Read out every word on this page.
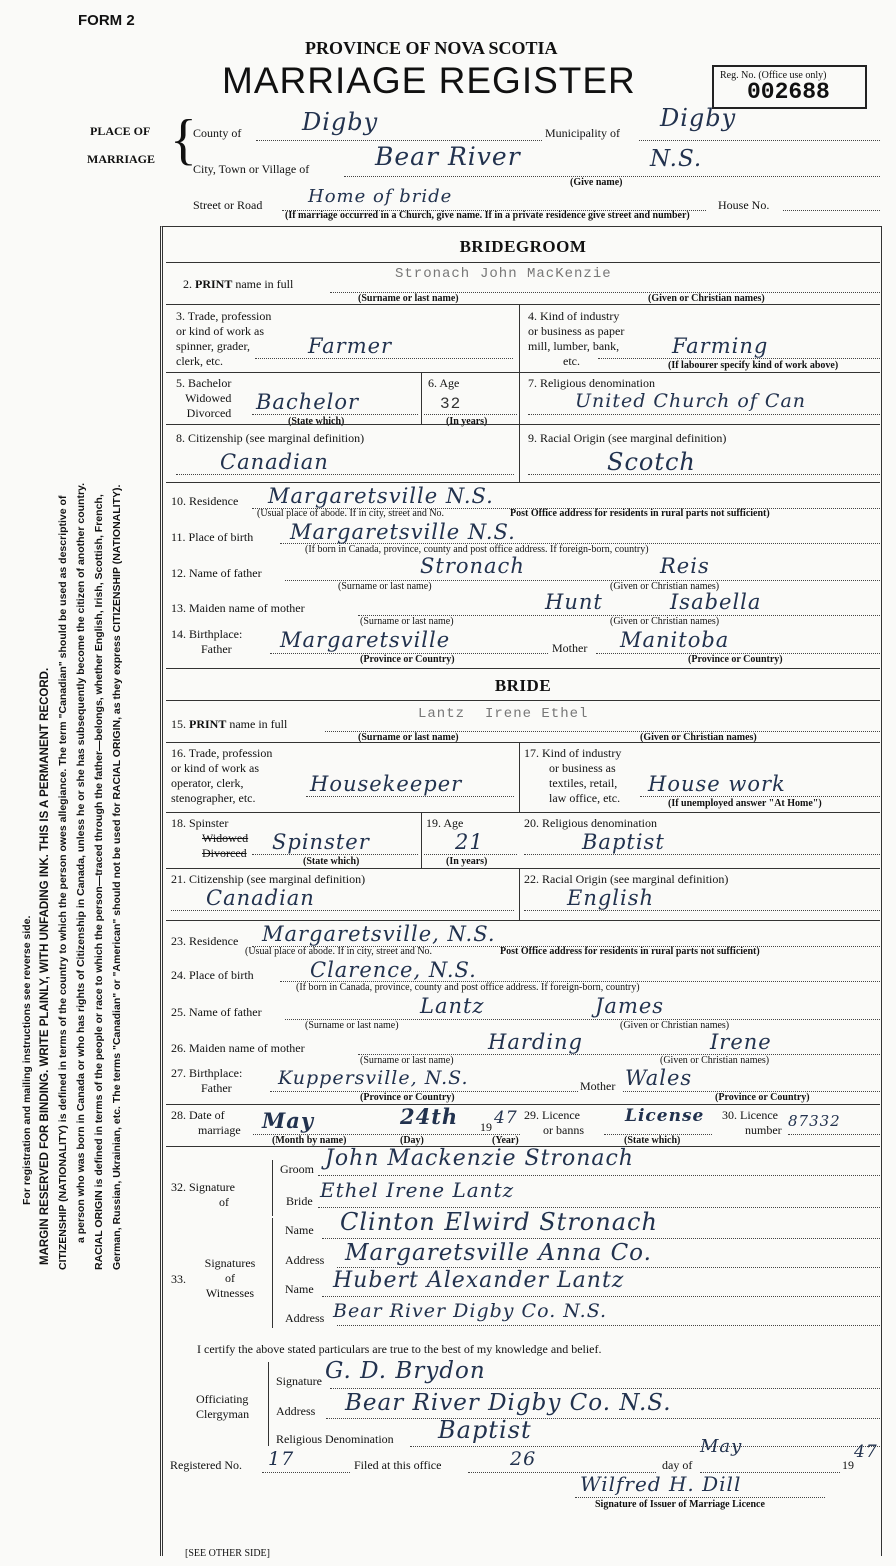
FORM 2
PROVINCE OF NOVA SCOTIA
MARRIAGE REGISTER	Reg. No. (Office use only)
002688
PLACE OF
MARRIAGE {
County of	Digby	Municipality of
Digby
City, Town or Village of	Bear River	N.S.
(Give name)
Street or Road	Home of bride	House No.
(If marriage occurred in a Church, give name. If in a private residence give street and number)
BRIDEGROOM
2. PRINT name in full
Stronach John MacKenzie
(Surname or last name)	(Given or Christian names)
3. Trade, profession
or kind of work as
spinner, grader,
clerk, etc.
Farmer
4. Kind of industry
or business as paper
mill, lumber, bank,
etc.
Farming
(If labourer specify kind of work above)
5. Bachelor
Widowed
Divorced Bachelor
(State which)
6. Age
32
(In years)
7. Religious denomination
United Church of Can
8. Citizenship (see marginal definition)
Canadian
9. Racial Origin (see marginal definition)
Scotch
10. Residence Margaretsville N.S.
(Usual place of abode. If in city, street and No.	Post Office address for residents in rural parts not sufficient)
11. Place of birth Margaretsville N.S.
(If born in Canada, province, county and post office address. If foreign-born, country)
12. Name of father	Stronach	Reis
(Surname or last name)	(Given or Christian names)
13. Maiden name of mother	Hunt	Isabella
(Surname or last name)	(Given or Christian names)
14. Birthplace:
Father	Margaretsville
(Province or Country)
Mother Manitoba
(Province or Country)
BRIDE
15. PRINT name in full
Lantz Irene Ethel
(Surname or last name)	(Given or Christian names)
16. Trade, profession
or kind of work as
operator, clerk,
stenographer, etc.
Housekeeper
17. Kind of industry
or business as
textiles, retail,
law office, etc.
House work
(If unemployed answer "At Home")
18. Spinster
Widowed
Divorced Spinster
(State which)
19. Age
21
(In years)
20. Religious denomination
Baptist
21. Citizenship (see marginal definition)
Canadian
22. Racial Origin (see marginal definition)
English
23. Residence Margaretsville, N.S.
(Usual place of abode. If in city, street and No.	Post Office address for residents in rural parts not sufficient)
24. Place of birth	Clarence, N.S.
(If born in Canada, province, county and post office address. If foreign-born, country)
25. Name of father	Lantz	James
(Surname or last name)	(Given or Christian names)
26. Maiden name of mother	Harding	Irene
(Surname or last name)	(Given or Christian names)
27. Birthplace:
Father	Kuppersville, N.S.
(Province or Country)
Mother Wales
(Province or Country)
28. Date of
marriage May	24th 19 47
(Month by name)	(Day)	(Year)
29. Licence
or banns
License
(State which)
30. Licence
number 87332
32. Signature
of
Groom John Mackenzie Stronach
Bride Ethel Irene Lantz
33.
Signatures
of
Witnesses
Name Clinton Elwird Stronach
Address Margaretsville Anna Co.
Name Hubert Alexander Lantz
Address Bear River Digby Co. N.S.
I certify the above stated particulars are true to the best of my knowledge and belief.
Officiating
Clergyman
Signature G. D. Brydon
Address Bear River Digby Co. N.S.
Religious Denomination Baptist
Registered No. 17	Filed at this office	26	day of
May
19
47
Wilfred H. Dill
Signature of Issuer of Marriage Licence
[SEE OTHER SIDE]
For registration and mailing instructions see reverse side. MARGIN RESERVED FOR BINDING. WRITE PLAINLY, WITH UNFADING INK. THIS IS A PERMANENT RECORD. CITIZENSHIP (NATIONALITY) is defined in terms of the country to which the person owes allegiance. The term "Canadian" should be used as descriptive of a person who was born in Canada or who has rights of Citizenship in Canada, unless he or she has subsequently become the citizen of another country. RACIAL ORIGIN is defined in terms of the people or race to which the person—traced through the father—belongs, whether English, Irish, Scottish, French, German, Russian, Ukrainian, etc. The terms "Canadian" or "American" should not be used for RACIAL ORIGIN, as they express CITIZENSHIP (NATIONALITY).
